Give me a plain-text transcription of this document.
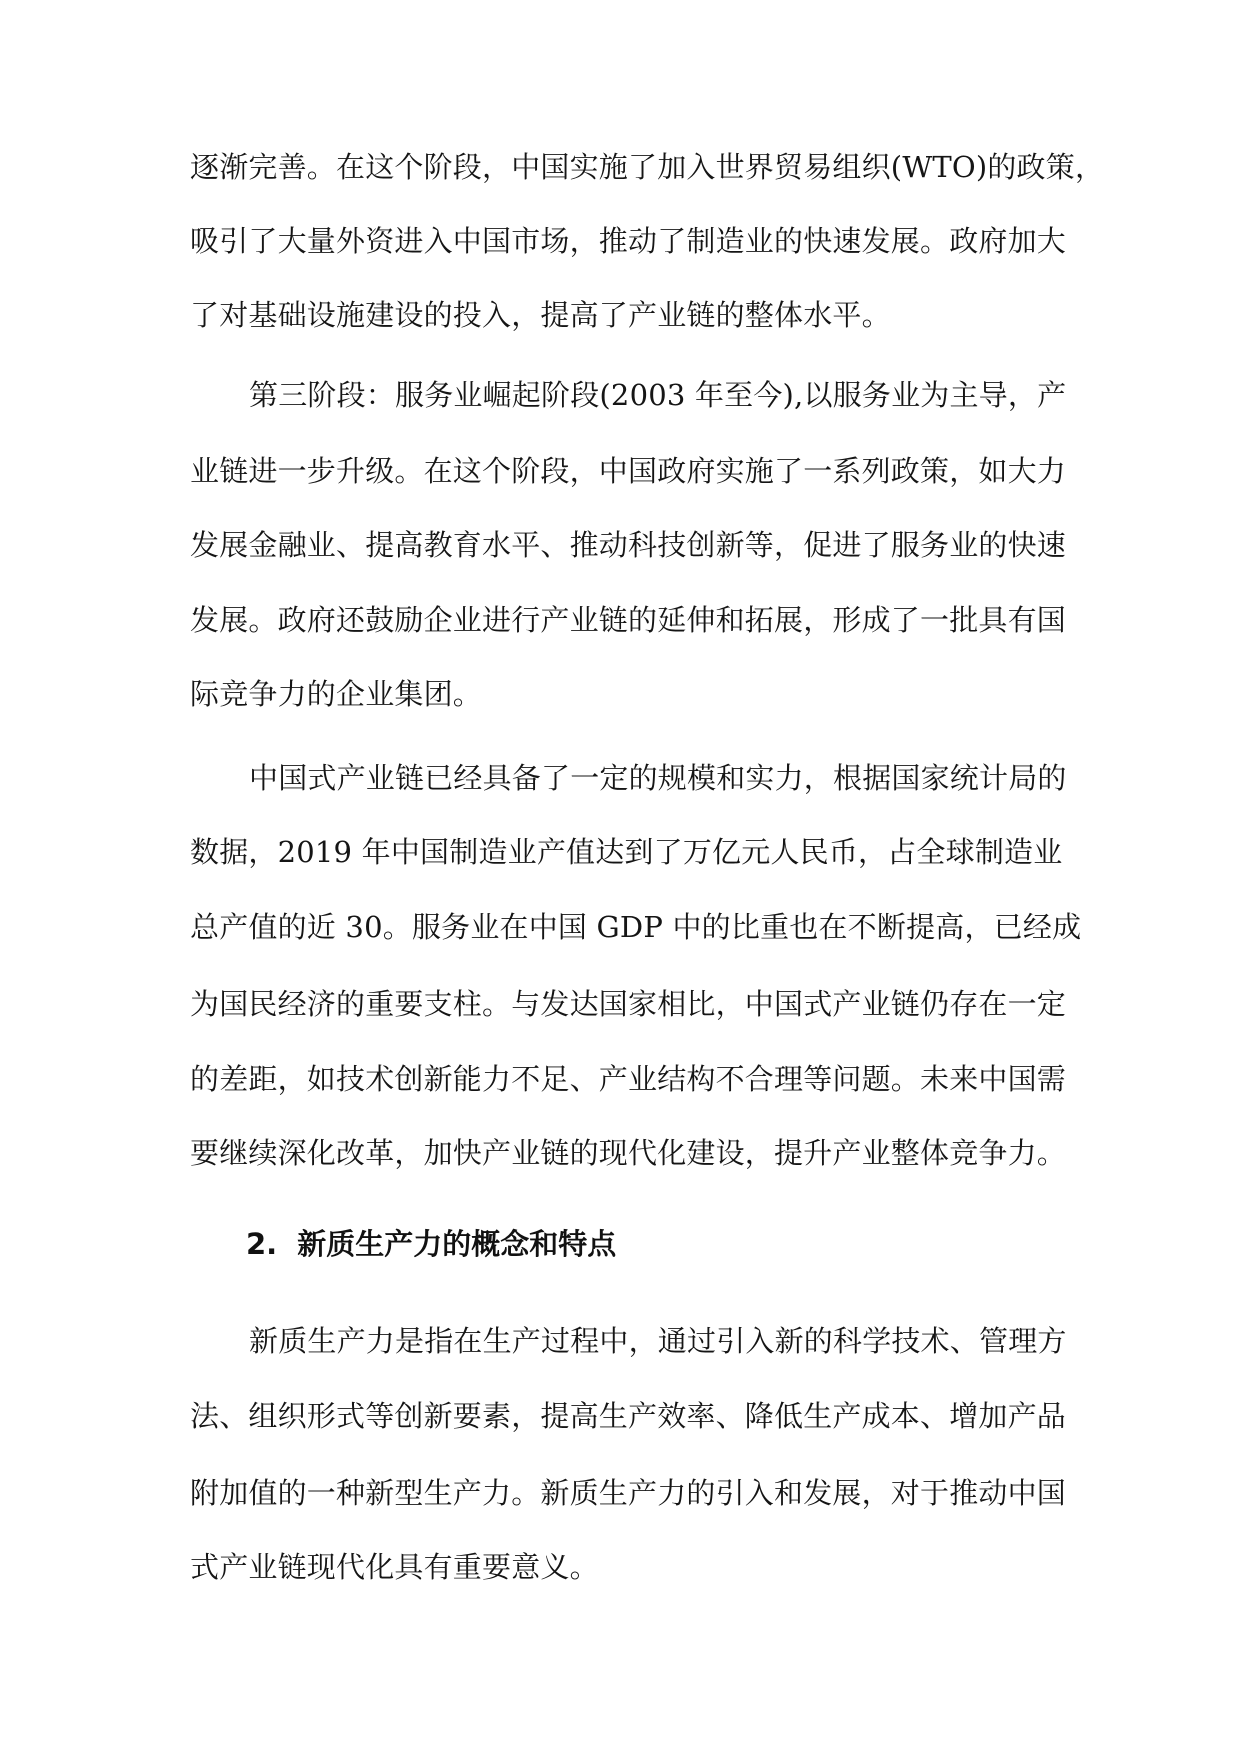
逐渐完善。在这个阶段，中国实施了加入世界贸易组织(WTO)的政策，
吸引了大量外资进入中国市场，推动了制造业的快速发展。政府加大
了对基础设施建设的投入，提高了产业链的整体水平。
第三阶段：服务业崛起阶段(2003 年至今),以服务业为主导，产
业链进一步升级。在这个阶段，中国政府实施了一系列政策，如大力
发展金融业、提高教育水平、推动科技创新等，促进了服务业的快速
发展。政府还鼓励企业进行产业链的延伸和拓展，形成了一批具有国
际竞争力的企业集团。
中国式产业链已经具备了一定的规模和实力，根据国家统计局的
数据，2019 年中国制造业产值达到了万亿元人民币，占全球制造业
总产值的近 30。服务业在中国 GDP 中的比重也在不断提高，已经成
为国民经济的重要支柱。与发达国家相比，中国式产业链仍存在一定
的差距，如技术创新能力不足、产业结构不合理等问题。未来中国需
要继续深化改革，加快产业链的现代化建设，提升产业整体竞争力。
2. 新质生产力的概念和特点
新质生产力是指在生产过程中，通过引入新的科学技术、管理方
法、组织形式等创新要素，提高生产效率、降低生产成本、增加产品
附加值的一种新型生产力。新质生产力的引入和发展，对于推动中国
式产业链现代化具有重要意义。
